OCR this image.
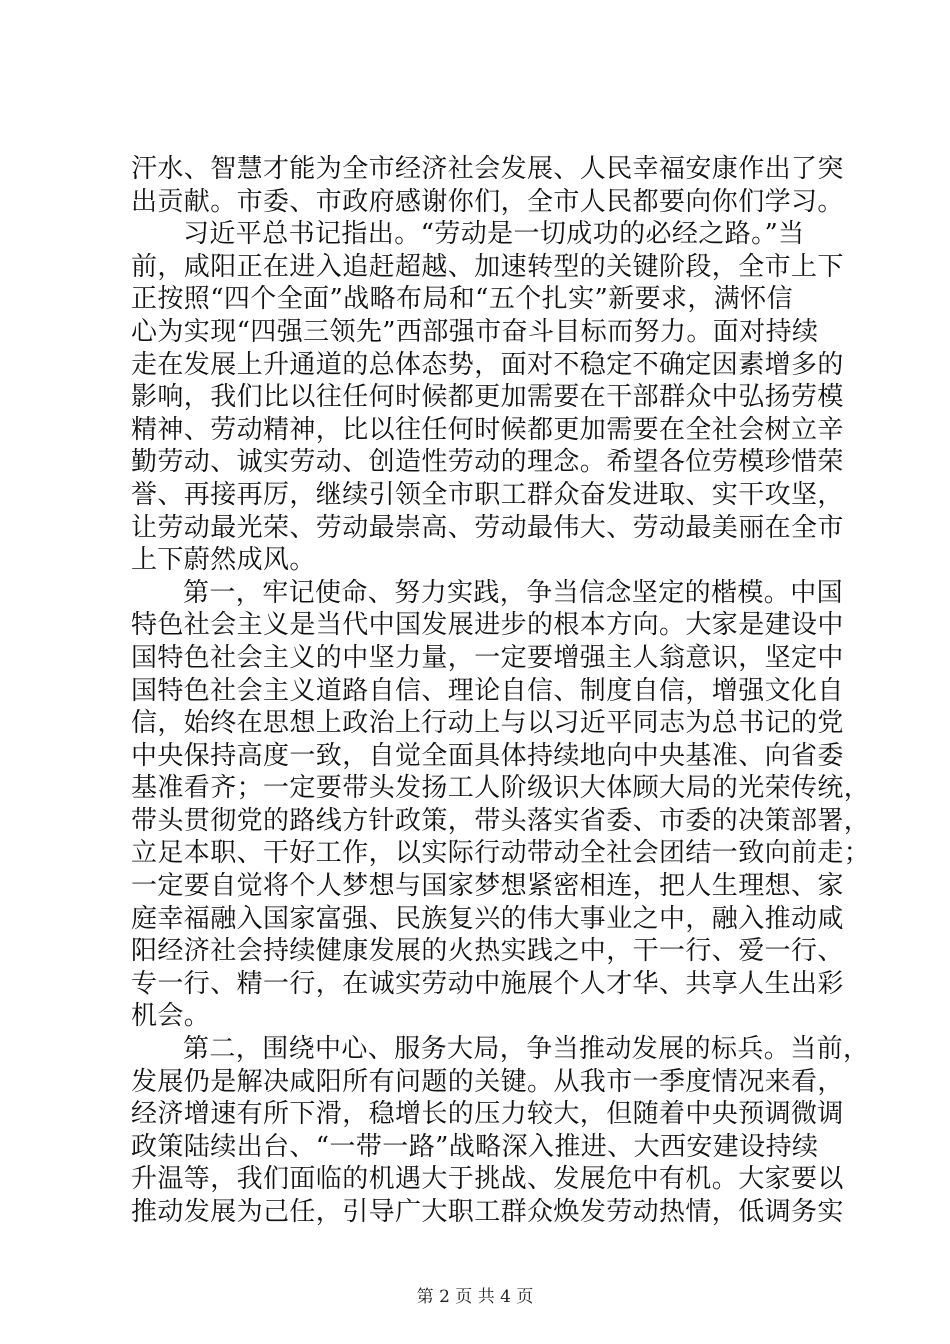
汗水、智慧才能为全市经济社会发展、人民幸福安康作出了突
出贡献。市委、市政府感谢你们，全市人民都要向你们学习。
习近平总书记指出。“劳动是一切成功的必经之路。”当
前，咸阳正在进入追赶超越、加速转型的关键阶段，全市上下
正按照“四个全面”战略布局和“五个扎实”新要求，满怀信
心为实现“四强三领先”西部强市奋斗目标而努力。面对持续
走在发展上升通道的总体态势，面对不稳定不确定因素增多的
影响，我们比以往任何时候都更加需要在干部群众中弘扬劳模
精神、劳动精神，比以往任何时候都更加需要在全社会树立辛
勤劳动、诚实劳动、创造性劳动的理念。希望各位劳模珍惜荣
誉、再接再厉，继续引领全市职工群众奋发进取、实干攻坚，
让劳动最光荣、劳动最崇高、劳动最伟大、劳动最美丽在全市
上下蔚然成风。
第一，牢记使命、努力实践，争当信念坚定的楷模。中国
特色社会主义是当代中国发展进步的根本方向。大家是建设中
国特色社会主义的中坚力量，一定要增强主人翁意识，坚定中
国特色社会主义道路自信、理论自信、制度自信，增强文化自
信，始终在思想上政治上行动上与以习近平同志为总书记的党
中央保持高度一致，自觉全面具体持续地向中央基准、向省委
基准看齐；一定要带头发扬工人阶级识大体顾大局的光荣传统，
带头贯彻党的路线方针政策，带头落实省委、市委的决策部署，
立足本职、干好工作，以实际行动带动全社会团结一致向前走；
一定要自觉将个人梦想与国家梦想紧密相连，把人生理想、家
庭幸福融入国家富强、民族复兴的伟大事业之中，融入推动咸
阳经济社会持续健康发展的火热实践之中，干一行、爱一行、
专一行、精一行，在诚实劳动中施展个人才华、共享人生出彩
机会。
第二，围绕中心、服务大局，争当推动发展的标兵。当前，
发展仍是解决咸阳所有问题的关键。从我市一季度情况来看，
经济增速有所下滑，稳增长的压力较大，但随着中央预调微调
政策陆续出台、“一带一路”战略深入推进、大西安建设持续
升温等，我们面临的机遇大于挑战、发展危中有机。大家要以
推动发展为己任，引导广大职工群众焕发劳动热情，低调务实
第 2 页 共 4 页
